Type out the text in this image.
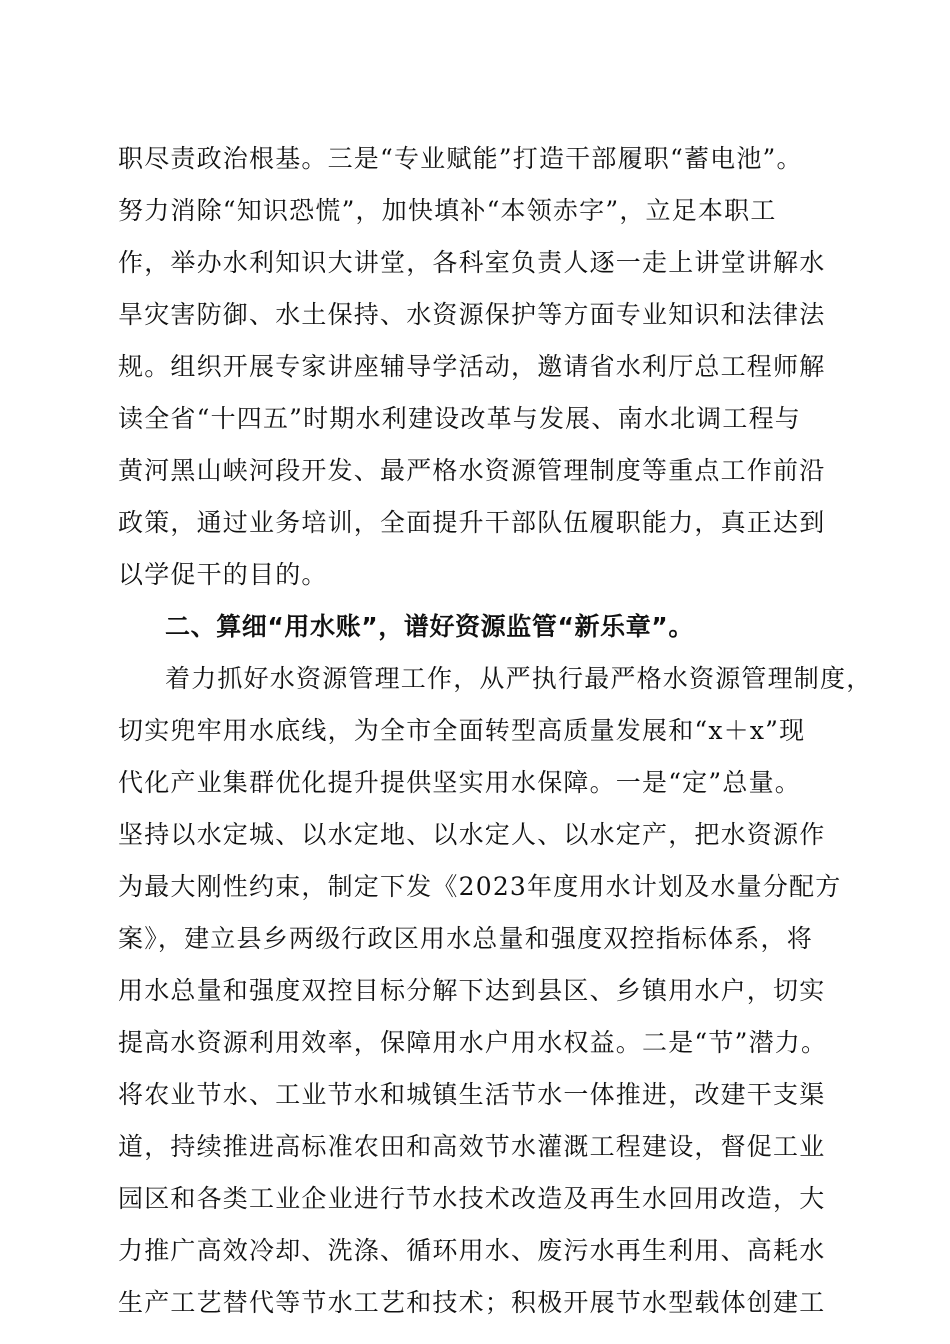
职尽责政治根基。三是“专业赋能”打造干部履职“蓄电池”。
努力消除“知识恐慌”，加快填补“本领赤字”，立足本职工
作，举办水利知识大讲堂，各科室负责人逐一走上讲堂讲解水
旱灾害防御、水土保持、水资源保护等方面专业知识和法律法
规。组织开展专家讲座辅导学活动，邀请省水利厅总工程师解
读全省“十四五”时期水利建设改革与发展、南水北调工程与
黄河黑山峡河段开发、最严格水资源管理制度等重点工作前沿
政策，通过业务培训，全面提升干部队伍履职能力，真正达到
以学促干的目的。
二、算细“用水账”，谱好资源监管“新乐章”。
着力抓好水资源管理工作，从严执行最严格水资源管理制度，
切实兜牢用水底线，为全市全面转型高质量发展和“x＋x”现
代化产业集群优化提升提供坚实用水保障。一是“定”总量。
坚持以水定城、以水定地、以水定人、以水定产，把水资源作
为最大刚性约束，制定下发《2023年度用水计划及水量分配方
案》，建立县乡两级行政区用水总量和强度双控指标体系，将
用水总量和强度双控目标分解下达到县区、乡镇用水户，切实
提高水资源利用效率，保障用水户用水权益。二是“节”潜力。
将农业节水、工业节水和城镇生活节水一体推进，改建干支渠
道，持续推进高标准农田和高效节水灌溉工程建设，督促工业
园区和各类工业企业进行节水技术改造及再生水回用改造，大
力推广高效冷却、洗涤、循环用水、废污水再生利用、高耗水
生产工艺替代等节水工艺和技术；积极开展节水型载体创建工
